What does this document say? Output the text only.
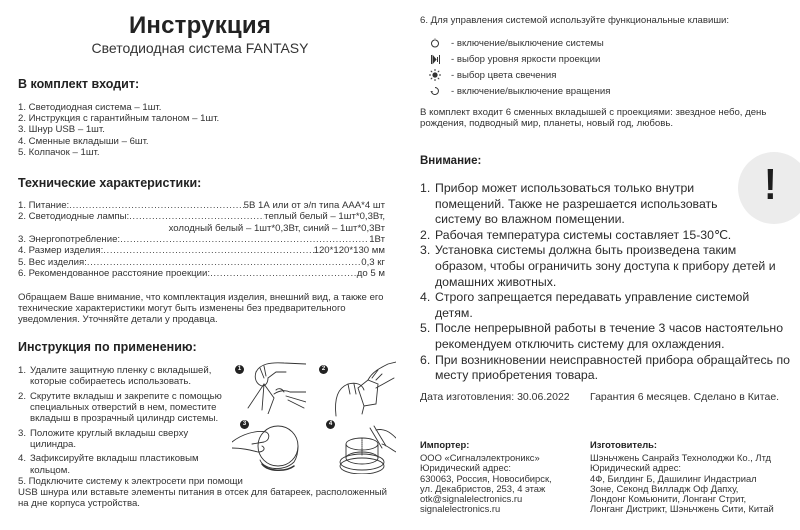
Инструкция
Светодиодная система FANTASY
В комплект входит:
1. Светодиодная система – 1шт.
2. Инструкция с гарантийным талоном – 1шт.
3. Шнур USB – 1шт.
4. Сменные вкладыши – 6шт.
5. Колпачок – 1шт.
Технические характеристики:
1. Питание: .....	5В 1А или от э/п типа ААА*4 шт
2. Светодиодные лампы: .....	теплый белый – 1шт*0,3Вт,
холодный белый – 1шт*0,3Вт, синий – 1шт*0,3Вт
3. Энергопотребление: .....	1Вт
4. Размер изделия: .....	120*120*130 мм
5. Вес изделия: .....	0,3 кг
6. Рекомендованное расстояние проекции: .....	до 5 м
Обращаем Ваше внимание, что комплектация изделия, внешний вид, а также его технические характеристики могут быть изменены без предварительного уведомления. Уточняйте детали у продавца.
Инструкция по применению:
1. Удалите защитную пленку с вкладышей, которые собираетесь использовать.
2. Скрутите вкладыш и закрепите с помощью специальных отверстий в нем, поместите вкладыш в прозрачный цилиндр системы.
3. Положите круглый вкладыш сверху цилиндра.
4. Зафиксируйте вкладыш пластиковым кольцом.
5. Подключите систему к электросети при помощи
USB шнура или вставьте элементы питания в отсек для батареек, расположенный на дне корпуса устройства.
1	2
3	4
6. Для управления системой используйте функциональные клавиши:
- включение/выключение системы
- выбор уровня яркости проекции
- выбор цвета свечения
- включение/выключение вращения
В комплект входит 6 сменных вкладышей с проекциями: звездное небо, день рождения, подводный мир, планеты, новый год, любовь.
!
Внимание:
1. Прибор может использоваться только внутри помещений. Также не разрешается использовать систему во влажном помещении.
2. Рабочая температура системы составляет 15-30℃.
3. Установка системы должна быть произведена таким образом, чтобы ограничить зону доступа к прибору детей и домашних животных.
4. Строго запрещается передавать управление системой детям.
5. После непрерывной работы в течение 3 часов настоятельно рекомендуем отключить систему для охлаждения.
6. При возникновении неисправностей прибора обращайтесь по месту приобретения товара.
Дата изготовления: 30.06.2022 Гарантия 6 месяцев. Сделано в Китае.
Импортер:
ООО «Сигналэлектроникс»
Юридический адрес:
630063, Россия, Новосибирск,
ул. Декабристов, 253, 4 этаж
otk@signalelectronics.ru
signalelectronics.ru
Изготовитель:
Шэньчжень Санрайз Технолоджи Ко., Лтд
Юридический адрес:
4Ф, Билдинг Б, Дашилинг Индастриал
Зоне, Секонд Вилладж Оф Дапху,
Лондонг Комьюнити, Лонганг Стрит,
Лонганг Дистрикт, Шэньчжень Сити, Китай
